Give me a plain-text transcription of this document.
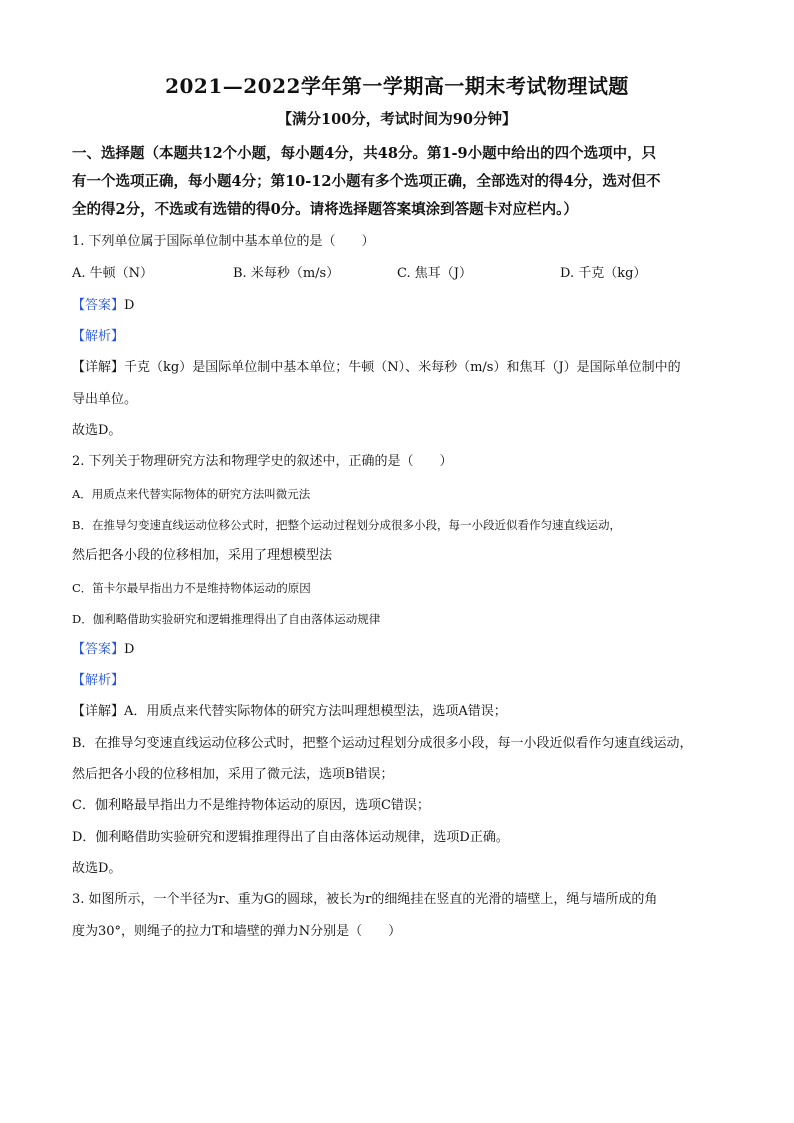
2021—2022学年第一学期高一期末考试物理试题
【满分100分，考试时间为90分钟】
一、选择题（本题共12个小题，每小题4分，共48分。第1-9小题中给出的四个选项中，只
有一个选项正确，每小题4分；第10-12小题有多个选项正确，全部选对的得4分，选对但不
全的得2分，不选或有选错的得0分。请将选择题答案填涂到答题卡对应栏内。）
1. 下列单位属于国际单位制中基本单位的是（　　）
A. 牛顿（N）	B. 米每秒（m/s）	C. 焦耳（J）	D. 千克（kg）
【答案】D
【解析】
【详解】千克（kg）是国际单位制中基本单位；牛顿（N）、米每秒（m/s）和焦耳（J）是国际单位制中的
导出单位。
故选D。
2. 下列关于物理研究方法和物理学史的叙述中，正确的是（　　）
A．用质点来代替实际物体的研究方法叫微元法
B．在推导匀变速直线运动位移公式时，把整个运动过程划分成很多小段，每一小段近似看作匀速直线运动，
然后把各小段的位移相加，采用了理想模型法
C．笛卡尔最早指出力不是维持物体运动的原因
D．伽利略借助实验研究和逻辑推理得出了自由落体运动规律
【答案】D
【解析】
【详解】A．用质点来代替实际物体的研究方法叫理想模型法，选项A错误；
B．在推导匀变速直线运动位移公式时，把整个运动过程划分成很多小段，每一小段近似看作匀速直线运动，
然后把各小段的位移相加，采用了微元法，选项B错误；
C．伽利略最早指出力不是维持物体运动的原因，选项C错误；
D．伽利略借助实验研究和逻辑推理得出了自由落体运动规律，选项D正确。
故选D。
3. 如图所示，一个半径为r、重为G的圆球，被长为r的细绳挂在竖直的光滑的墙壁上，绳与墙所成的角
度为30°，则绳子的拉力T和墙壁的弹力N分别是（　　）
